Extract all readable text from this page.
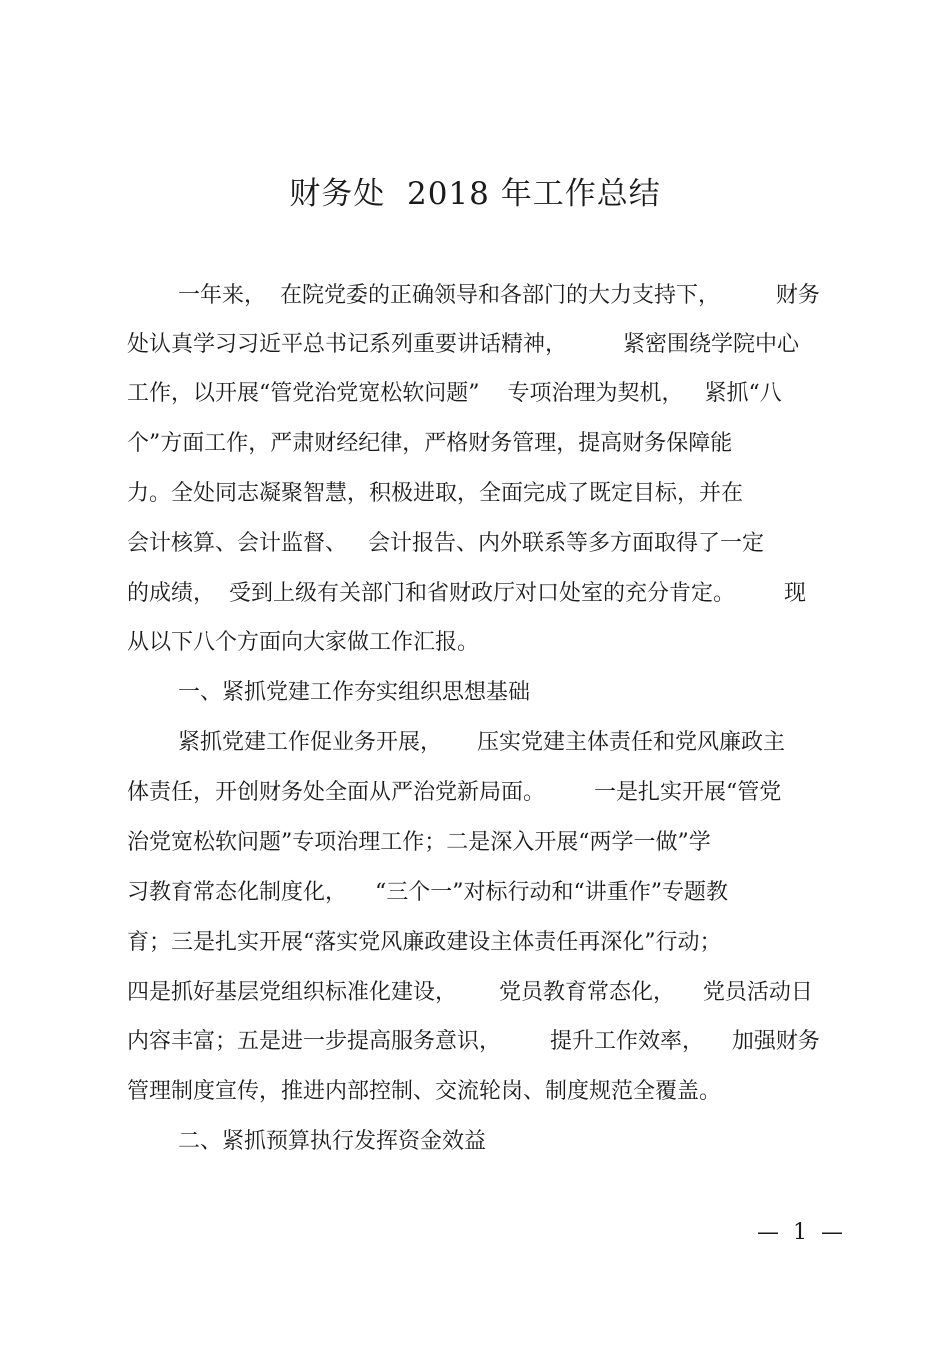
财务处  2018 年工作总结
一年来，  在院党委的正确领导和各部门的大力支持下，        财务
处认真学习习近平总书记系列重要讲话精神，        紧密围绕学院中心
工作，以开展“管党治党宽松软问题”    专项治理为契机，   紧抓“八
个”方面工作，严肃财经纪律，严格财务管理，提高财务保障能
力。全处同志凝聚智慧，积极进取，全面完成了既定目标，并在
会计核算、会计监督、   会计报告、内外联系等多方面取得了一定
的成绩，  受到上级有关部门和省财政厅对口处室的充分肯定。       现
从以下八个方面向大家做工作汇报。
一、紧抓党建工作夯实组织思想基础
紧抓党建工作促业务开展，     压实党建主体责任和党风廉政主
体责任，开创财务处全面从严治党新局面。       一是扎实开展“管党
治党宽松软问题”专项治理工作；二是深入开展“两学一做”学
习教育常态化制度化，    “三个一”对标行动和“讲重作”专题教
育；三是扎实开展“落实党风廉政建设主体责任再深化”行动；
四是抓好基层党组织标准化建设，      党员教育常态化，    党员活动日
内容丰富；五是进一步提高服务意识，       提升工作效率，    加强财务
管理制度宣传，推进内部控制、交流轮岗、制度规范全覆盖。
二、紧抓预算执行发挥资金效益
—  1  —
